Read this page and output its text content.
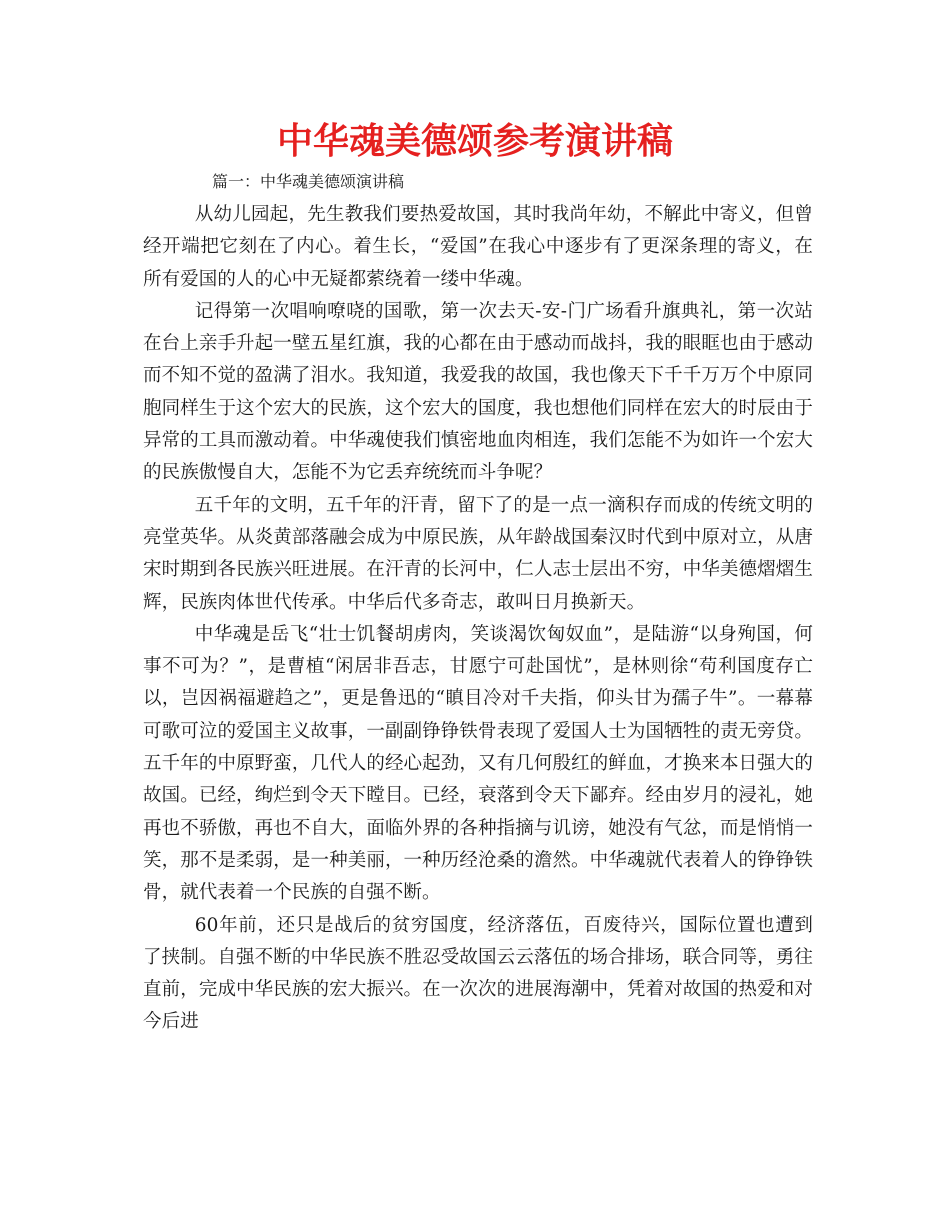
中华魂美德颂参考演讲稿
篇一：中华魂美德颂演讲稿

从幼儿园起，先生教我们要热爱故国，其时我尚年幼，不解此中寄义，但曾经开端把它刻在了内心。着生长，“爱国”在我心中逐步有了更深条理的寄义，在所有爱国的人的心中无疑都萦绕着一缕中华魂。

记得第一次唱响嘹哓的国歌，第一次去天-安-门广场看升旗典礼，第一次站在台上亲手升起一壁五星红旗，我的心都在由于感动而战抖，我的眼眶也由于感动而不知不觉的盈满了泪水。我知道，我爱我的故国，我也像天下千千万万个中原同胞同样生于这个宏大的民族，这个宏大的国度，我也想他们同样在宏大的时辰由于异常的工具而激动着。中华魂使我们慎密地血肉相连，我们怎能不为如许一个宏大的民族傲慢自大，怎能不为它丢弃统统而斗争呢？

五千年的文明，五千年的汗青，留下了的是一点一滴积存而成的传统文明的亮堂英华。从炎黄部落融会成为中原民族，从年龄战国秦汉时代到中原对立，从唐宋时期到各民族兴旺进展。在汗青的长河中，仁人志士层出不穷，中华美德熠熠生辉，民族肉体世代传承。中华后代多奇志，敢叫日月换新天。

中华魂是岳飞“壮士饥餐胡虏肉，笑谈渴饮匈奴血”，是陆游“以身殉国，何事不可为？”，是曹植“闲居非吾志，甘愿宁可赴国忧”，是林则徐“苟利国度存亡以，岂因祸福避趋之”，更是鲁迅的“瞋目冷对千夫指，仰头甘为孺子牛”。一幕幕可歌可泣的爱国主义故事，一副副铮铮铁骨表现了爱国人士为国牺牲的责无旁贷。五千年的中原野蛮，几代人的经心起劲，又有几何殷红的鲜血，才换来本日强大的故国。已经，绚烂到令天下瞠目。已经，衰落到令天下鄙弃。经由岁月的浸礼，她再也不骄傲，再也不自大，面临外界的各种指摘与讥谤，她没有气忿，而是悄悄一笑，那不是柔弱，是一种美丽，一种历经沧桑的澹然。中华魂就代表着人的铮铮铁骨，就代表着一个民族的自强不断。

60年前，还只是战后的贫穷国度，经济落伍，百废待兴，国际位置也遭到了挟制。自强不断的中华民族不胜忍受故国云云落伍的场合排场，联合同等，勇往直前，完成中华民族的宏大振兴。在一次次的进展海潮中，凭着对故国的热爱和对今后进
